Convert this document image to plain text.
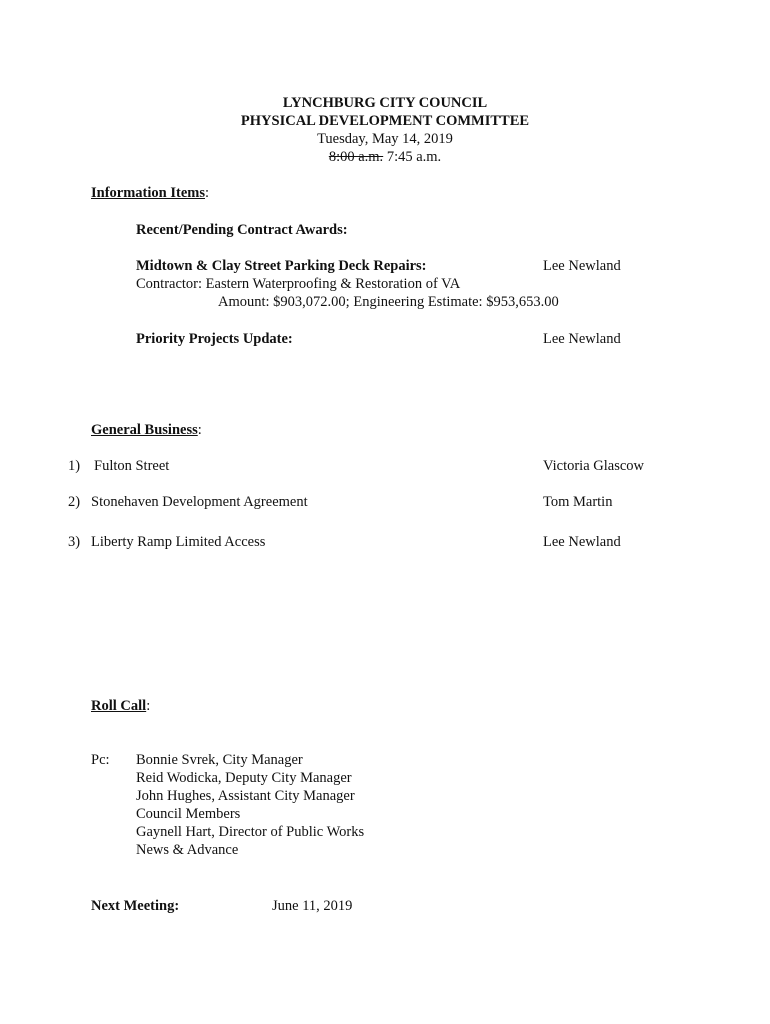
LYNCHBURG CITY COUNCIL
PHYSICAL DEVELOPMENT COMMITTEE
Tuesday, May 14, 2019
8:00 a.m. 7:45 a.m.
Information Items:
Recent/Pending Contract Awards:
Midtown & Clay Street Parking Deck Repairs:	Lee Newland
Contractor: Eastern Waterproofing & Restoration of VA
Amount: $903,072.00; Engineering Estimate: $953,653.00
Priority Projects Update:	Lee Newland
General Business:
1) Fulton Street	Victoria Glascow
2) Stonehaven Development Agreement	Tom Martin
3) Liberty Ramp Limited Access	Lee Newland
Roll Call:
Pc: Bonnie Svrek, City Manager
Reid Wodicka, Deputy City Manager
John Hughes, Assistant City Manager
Council Members
Gaynell Hart, Director of Public Works
News & Advance
Next Meeting:	June 11, 2019
